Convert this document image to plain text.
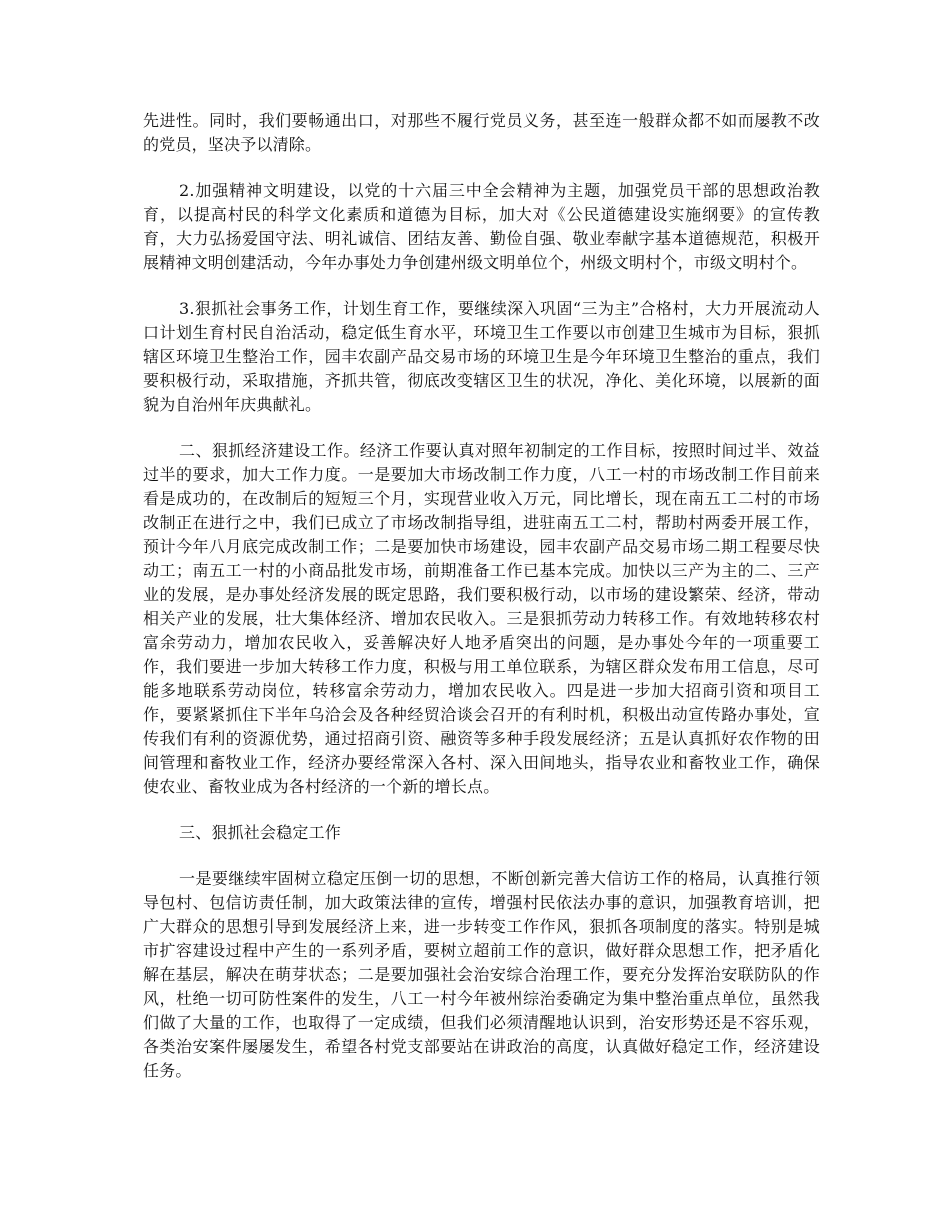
先进性。同时，我们要畅通出口，对那些不履行党员义务，甚至连一般群众都不如而屡教不改的党员，坚决予以清除。

2.加强精神文明建设，以党的十六届三中全会精神为主题，加强党员干部的思想政治教育，以提高村民的科学文化素质和道德为目标，加大对《公民道德建设实施纲要》的宣传教育，大力弘扬爱国守法、明礼诚信、团结友善、勤俭自强、敬业奉献字基本道德规范，积极开展精神文明创建活动，今年办事处力争创建州级文明单位个，州级文明村个，市级文明村个。

3.狠抓社会事务工作，计划生育工作，要继续深入巩固“三为主”合格村，大力开展流动人口计划生育村民自治活动，稳定低生育水平，环境卫生工作要以市创建卫生城市为目标，狠抓辖区环境卫生整治工作，园丰农副产品交易市场的环境卫生是今年环境卫生整治的重点，我们要积极行动，采取措施，齐抓共管，彻底改变辖区卫生的状况，净化、美化环境，以展新的面貌为自治州年庆典献礼。

二、狠抓经济建设工作。经济工作要认真对照年初制定的工作目标，按照时间过半、效益过半的要求，加大工作力度。一是要加大市场改制工作力度，八工一村的市场改制工作目前来看是成功的，在改制后的短短三个月，实现营业收入万元，同比增长，现在南五工二村的市场改制正在进行之中，我们已成立了市场改制指导组，进驻南五工二村，帮助村两委开展工作，预计今年八月底完成改制工作；二是要加快市场建设，园丰农副产品交易市场二期工程要尽快动工；南五工一村的小商品批发市场，前期准备工作已基本完成。加快以三产为主的二、三产业的发展，是办事处经济发展的既定思路，我们要积极行动，以市场的建设繁荣、经济，带动相关产业的发展，壮大集体经济、增加农民收入。三是狠抓劳动力转移工作。有效地转移农村富余劳动力，增加农民收入，妥善解决好人地矛盾突出的问题，是办事处今年的一项重要工作，我们要进一步加大转移工作力度，积极与用工单位联系，为辖区群众发布用工信息，尽可能多地联系劳动岗位，转移富余劳动力，增加农民收入。四是进一步加大招商引资和项目工作，要紧紧抓住下半年乌洽会及各种经贸洽谈会召开的有利时机，积极出动宣传路办事处，宣传我们有利的资源优势，通过招商引资、融资等多种手段发展经济；五是认真抓好农作物的田间管理和畜牧业工作，经济办要经常深入各村、深入田间地头，指导农业和畜牧业工作，确保使农业、畜牧业成为各村经济的一个新的增长点。

三、狠抓社会稳定工作

一是要继续牢固树立稳定压倒一切的思想，不断创新完善大信访工作的格局，认真推行领导包村、包信访责任制，加大政策法律的宣传，增强村民依法办事的意识，加强教育培训，把广大群众的思想引导到发展经济上来，进一步转变工作作风，狠抓各项制度的落实。特别是城市扩容建设过程中产生的一系列矛盾，要树立超前工作的意识，做好群众思想工作，把矛盾化解在基层，解决在萌芽状态；二是要加强社会治安综合治理工作，要充分发挥治安联防队的作风，杜绝一切可防性案件的发生，八工一村今年被州综治委确定为集中整治重点单位，虽然我们做了大量的工作，也取得了一定成绩，但我们必须清醒地认识到，治安形势还是不容乐观，各类治安案件屡屡发生，希望各村党支部要站在讲政治的高度，认真做好稳定工作，经济建设任务。
